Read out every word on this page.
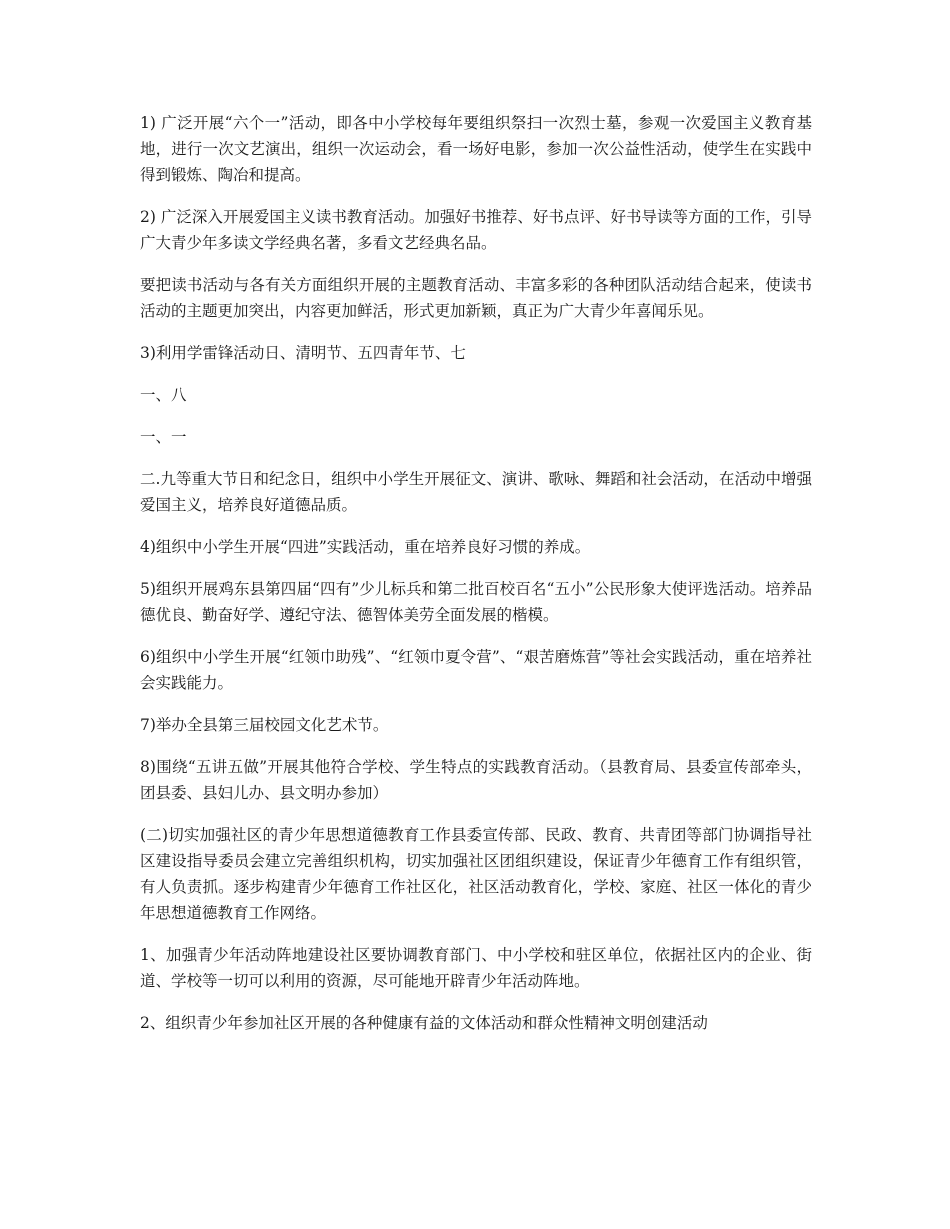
1) 广泛开展“六个一”活动，即各中小学校每年要组织祭扫一次烈士墓，参观一次爱国主义教育基地，进行一次文艺演出，组织一次运动会，看一场好电影，参加一次公益性活动，使学生在实践中得到锻炼、陶冶和提高。

2) 广泛深入开展爱国主义读书教育活动。加强好书推荐、好书点评、好书导读等方面的工作，引导广大青少年多读文学经典名著，多看文艺经典名品。

要把读书活动与各有关方面组织开展的主题教育活动、丰富多彩的各种团队活动结合起来，使读书活动的主题更加突出，内容更加鲜活，形式更加新颖，真正为广大青少年喜闻乐见。

3)利用学雷锋活动日、清明节、五四青年节、七

一、八

一、一

二.九等重大节日和纪念日，组织中小学生开展征文、演讲、歌咏、舞蹈和社会活动，在活动中增强爱国主义，培养良好道德品质。

4)组织中小学生开展“四进”实践活动，重在培养良好习惯的养成。

5)组织开展鸡东县第四届“四有”少儿标兵和第二批百校百名“五小”公民形象大使评选活动。培养品德优良、勤奋好学、遵纪守法、德智体美劳全面发展的楷模。

6)组织中小学生开展“红领巾助残”、“红领巾夏令营”、“艰苦磨炼营”等社会实践活动，重在培养社会实践能力。

7)举办全县第三届校园文化艺术节。

8)围绕“五讲五做”开展其他符合学校、学生特点的实践教育活动。（县教育局、县委宣传部牵头，团县委、县妇儿办、县文明办参加）

(二)切实加强社区的青少年思想道德教育工作县委宣传部、民政、教育、共青团等部门协调指导社区建设指导委员会建立完善组织机构，切实加强社区团组织建设，保证青少年德育工作有组织管，有人负责抓。逐步构建青少年德育工作社区化，社区活动教育化，学校、家庭、社区一体化的青少年思想道德教育工作网络。

1、加强青少年活动阵地建设社区要协调教育部门、中小学校和驻区单位，依据社区内的企业、街道、学校等一切可以利用的资源，尽可能地开辟青少年活动阵地。

2、组织青少年参加社区开展的各种健康有益的文体活动和群众性精神文明创建活动
